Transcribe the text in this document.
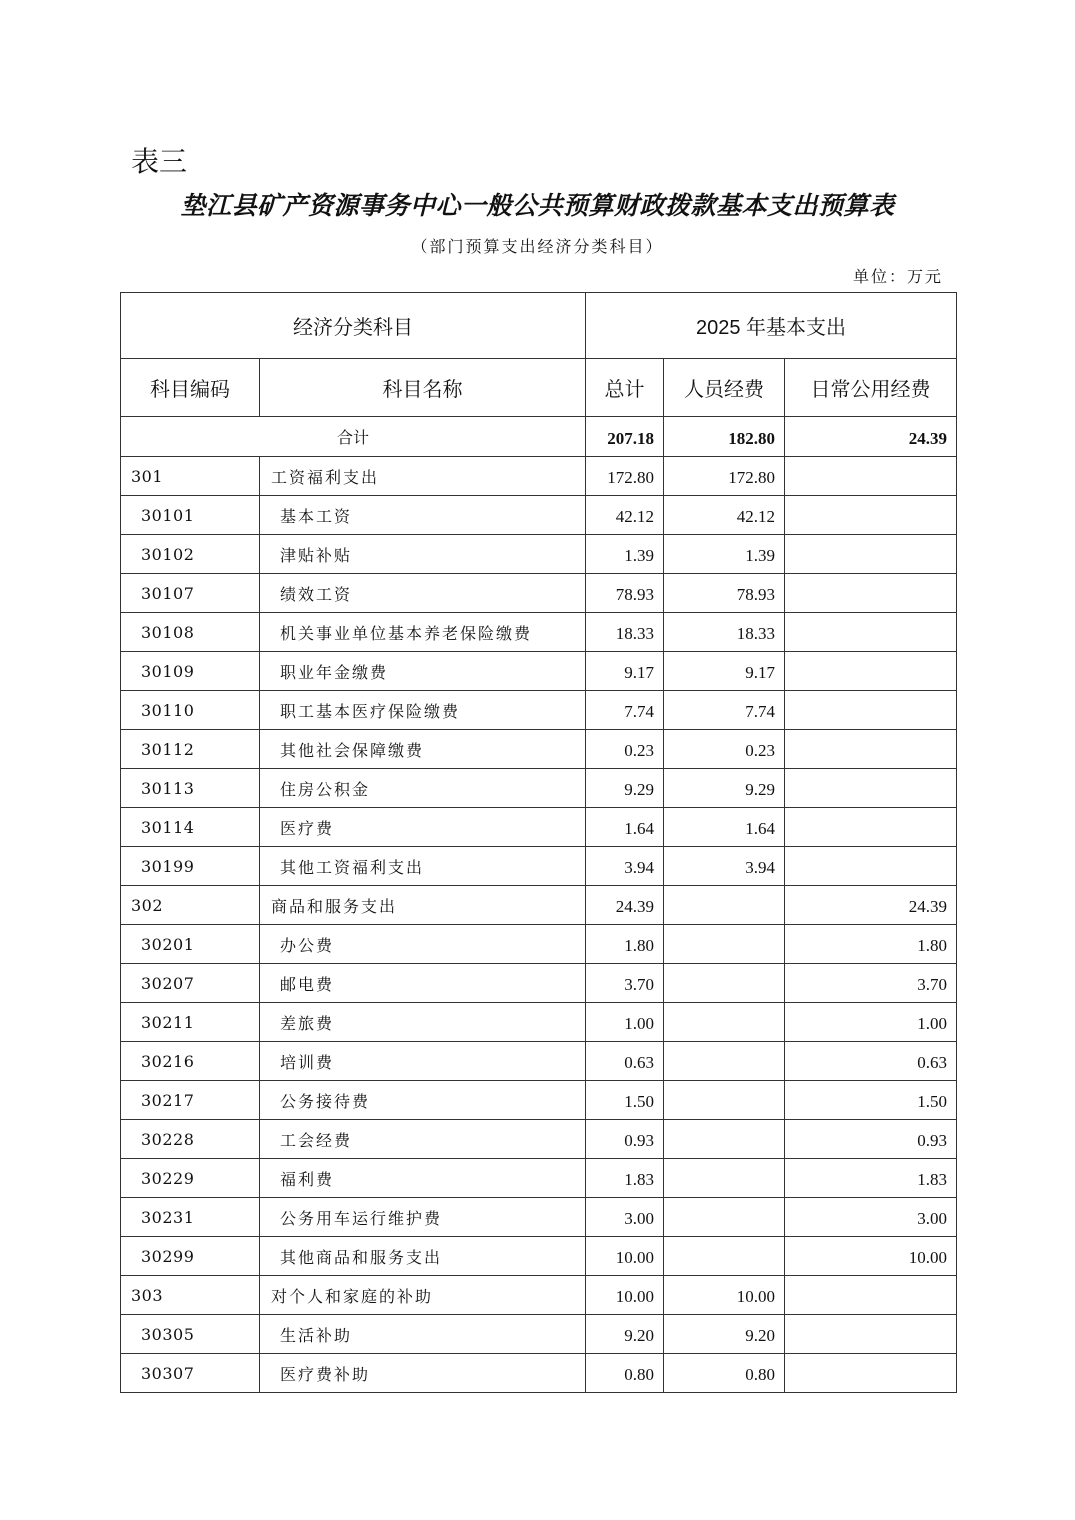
表三
垫江县矿产资源事务中心一般公共预算财政拨款基本支出预算表
（部门预算支出经济分类科目）
单位：万元
经济分类科目		2025 年基本支出		
科目编码	科目名称	总计	人员经费	日常公用经费
合计		207.18	182.80	24.39
301	工资福利支出	172.80	172.80	
30101	基本工资	42.12	42.12	
30102	津贴补贴	1.39	1.39	
30107	绩效工资	78.93	78.93	
30108	机关事业单位基本养老保险缴费	18.33	18.33	
30109	职业年金缴费	9.17	9.17	
30110	职工基本医疗保险缴费	7.74	7.74	
30112	其他社会保障缴费	0.23	0.23	
30113	住房公积金	9.29	9.29	
30114	医疗费	1.64	1.64	
30199	其他工资福利支出	3.94	3.94	
302	商品和服务支出	24.39		24.39
30201	办公费	1.80		1.80
30207	邮电费	3.70		3.70
30211	差旅费	1.00		1.00
30216	培训费	0.63		0.63
30217	公务接待费	1.50		1.50
30228	工会经费	0.93		0.93
30229	福利费	1.83		1.83
30231	公务用车运行维护费	3.00		3.00
30299	其他商品和服务支出	10.00		10.00
303	对个人和家庭的补助	10.00	10.00	
30305	生活补助	9.20	9.20	
30307	医疗费补助	0.80	0.80	
